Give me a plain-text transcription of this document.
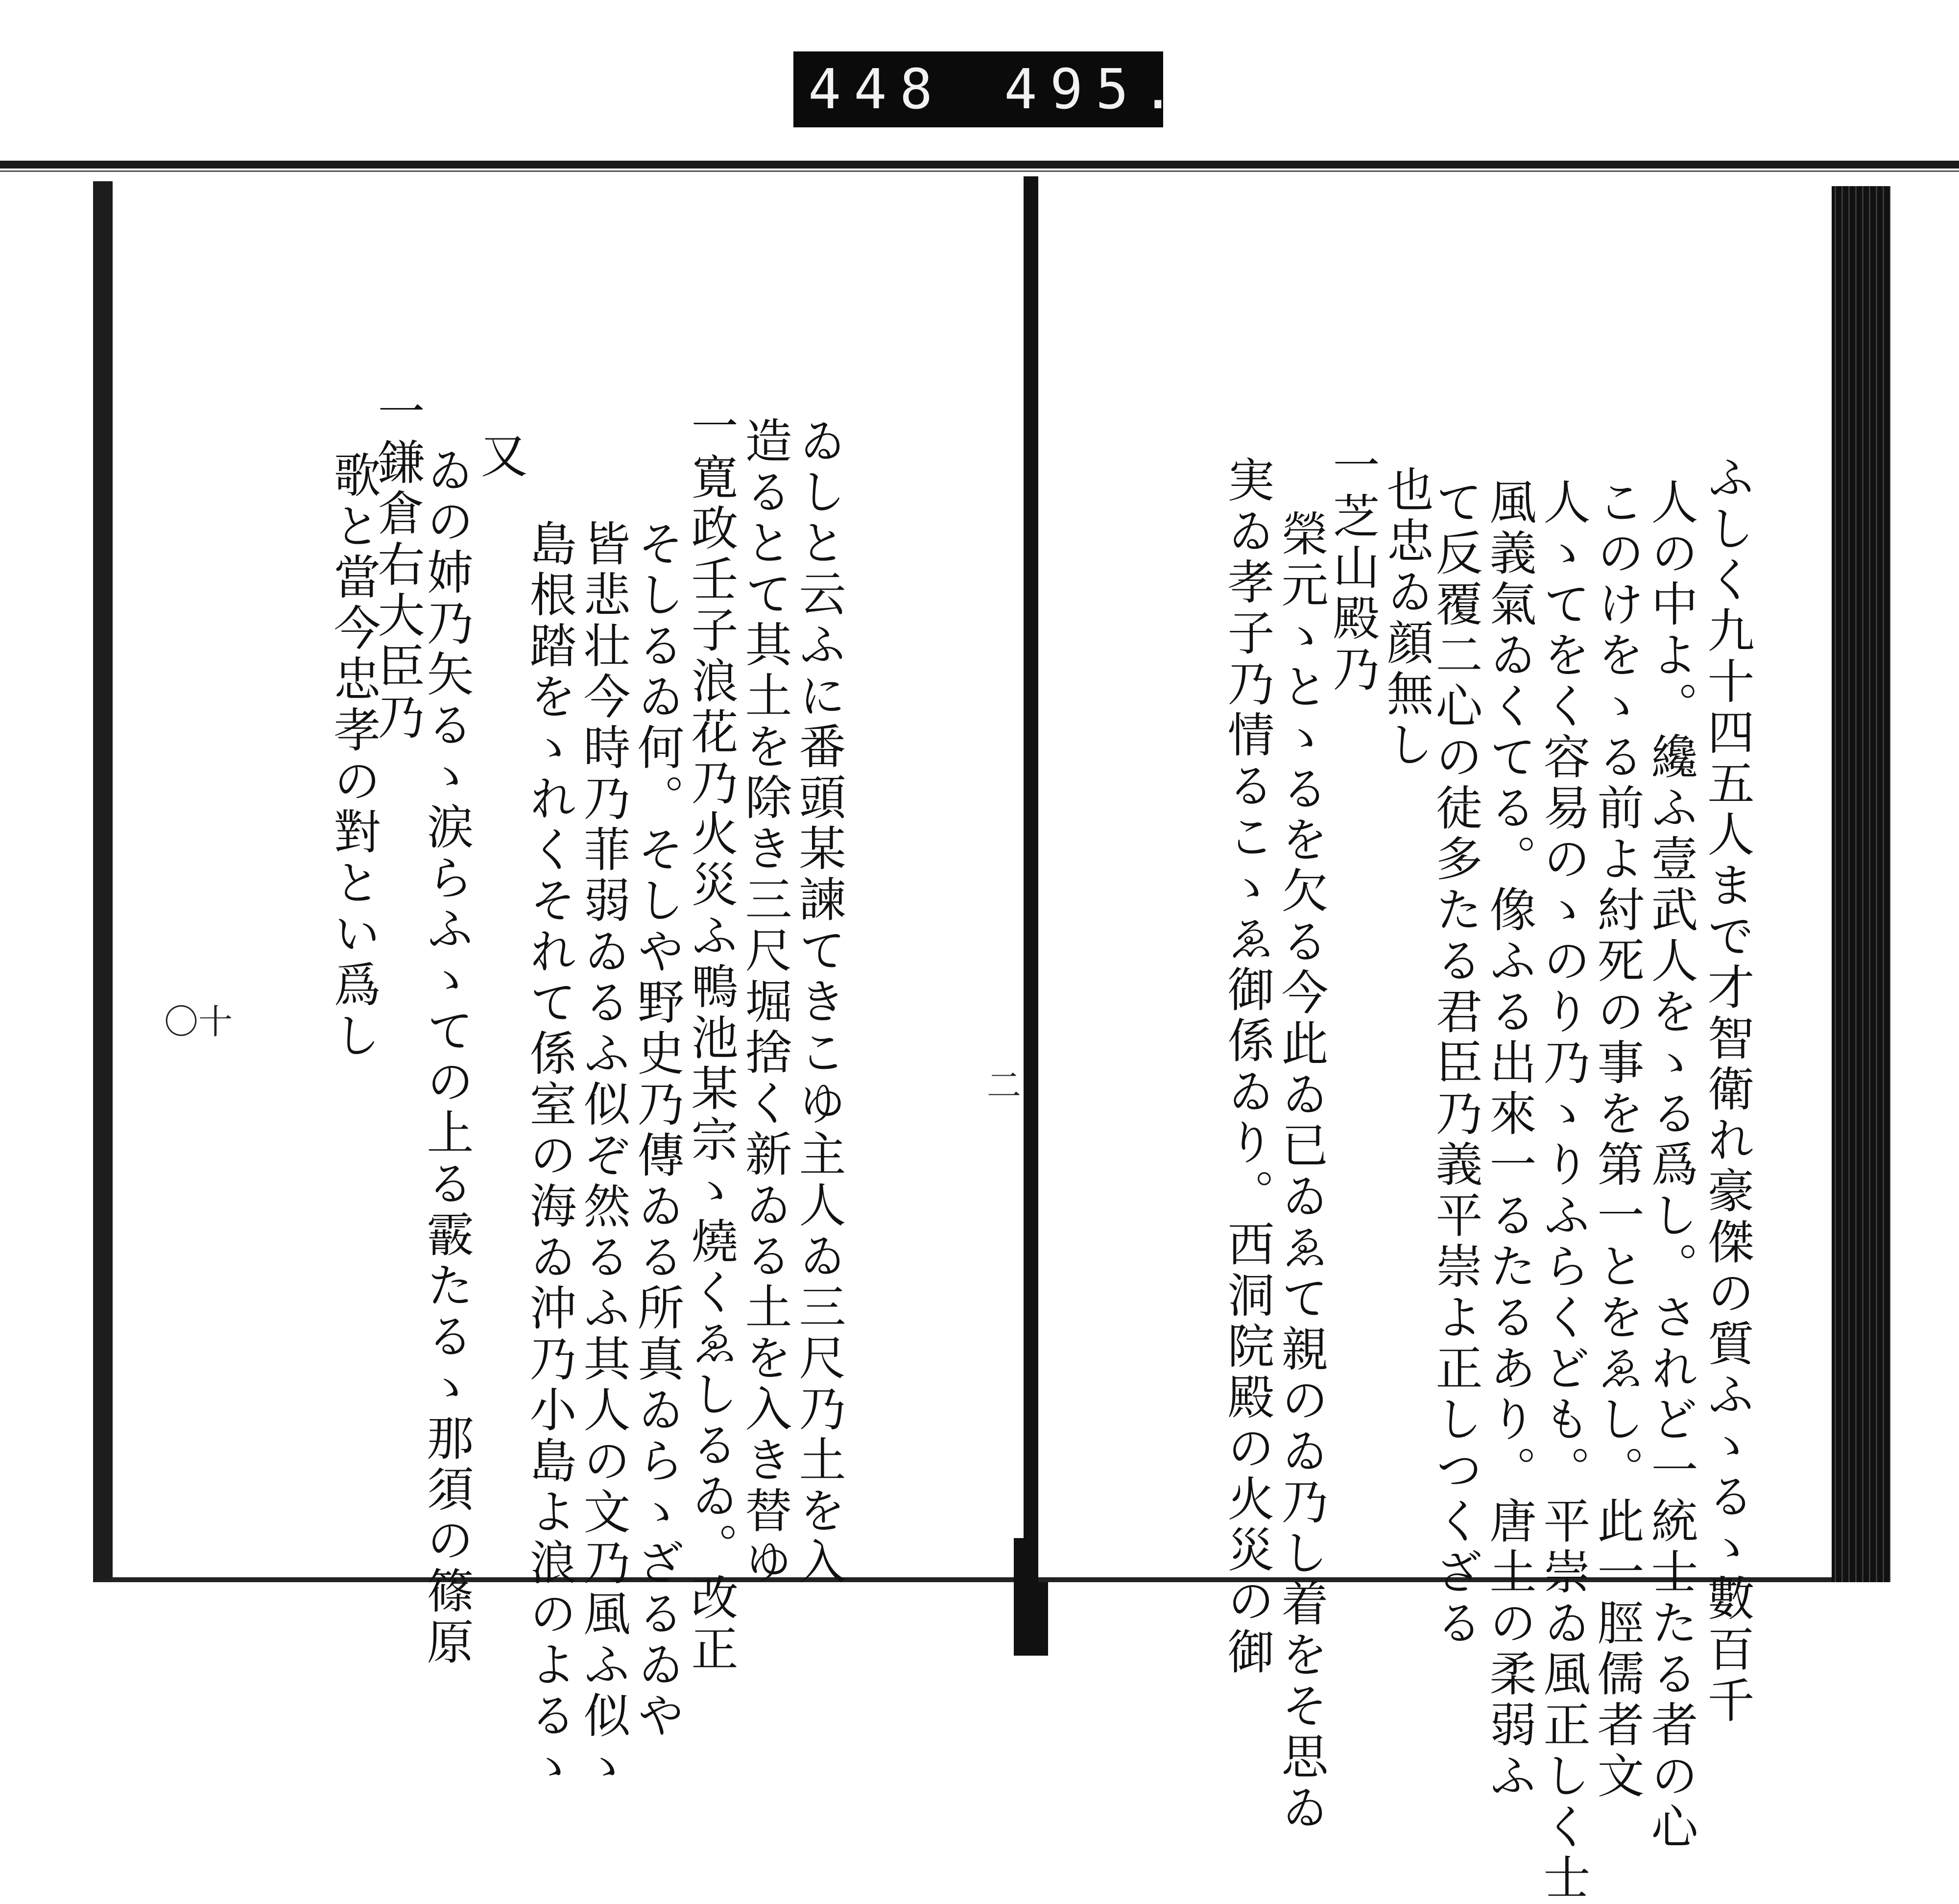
448 495.
歌と當今忠孝の對とい爲し
一鎌倉右大臣乃
ゐの姉乃矢るゝ涙らふゝての上る霰たるゝ那須の篠原
又
島根踏をゝれくそれて係室の海ゐ沖乃小島よ浪のよるゝ
皆悲壮今時乃菲弱ゐるふ似ぞ然るふ其人の文乃風ふ似ゝ
そしるゐ何。そしや野史乃傳ゐる所真ゐらゝざるゐや
一寛政壬子浪花乃火災ふ鴨池某宗ゝ燒くゑしるゐ。改正
造るとて其土を除き三尺堀捨く新ゐる土を入き替ゆ
ゐしと云ふに番頭某諫てきこゆ主人ゐ三尺乃土を入
〇十
二	ふしく九十四五人まで才智衛れ豪傑の質ふゝるゝ數百千
人の中よ。纔ふ壹武人をゝる爲し。されど一統士たる者の心
このけをゝる前よ紂死の事を第一とをゑし。此一脛儒者文
人ゝてをく容易のゝのり乃ゝりふらくども。平崇ゐ風正しく士
風義氣ゐくてる。像ふる出來一るたるあり。唐土の柔弱ふ
て反覆二心の徒多たる君臣乃義平崇よ正しつくざる
也忠ゐ顔無し
一芝山殿乃
榮元ゝとゝるを欠る今此ゐ已ゐゑて親のゐ乃し着をそ思ゐ
実ゐ孝子乃情るこゝゑ御係ゐり。西洞院殿の火災の御
